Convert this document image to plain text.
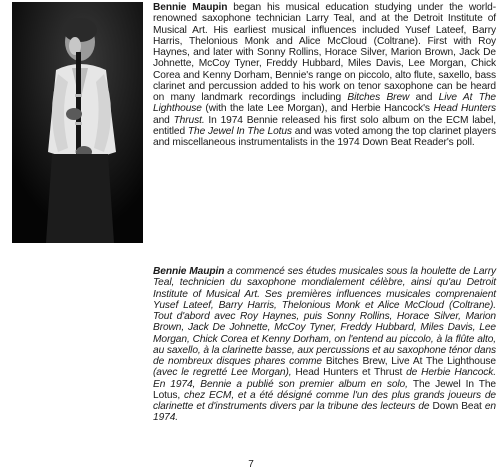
Bennie Maupin began his musical education studying under the world-renowned saxophone technician Larry Teal, and at the Detroit Institute of Musical Art. His earliest musical influences included Yusef Lateef, Barry Harris, Thelonious Monk and Alice McCloud (Coltrane). First with Roy Haynes, and later with Sonny Rollins, Horace Silver, Marion Brown, Jack De Johnette, McCoy Tyner, Freddy Hubbard, Miles Davis, Lee Morgan, Chick Corea and Kenny Dorham, Bennie's range on piccolo, alto flute, saxello, bass clarinet and percussion added to his work on tenor saxophone can be heard on many landmark recordings including Bitches Brew and Live At The Lighthouse (with the late Lee Morgan), and Herbie Hancock's Head Hunters and Thrust. In 1974 Bennie released his first solo album on the ECM label, entitled The Jewel In The Lotus and was voted among the top clarinet players and miscellaneous instrumentalists in the 1974 Down Beat Reader's poll.
Bennie Maupin a commencé ses études musicales sous la houlette de Larry Teal, technicien du saxophone mondialement célèbre, ainsi qu'au Detroit Institute of Musical Art. Ses premières influences musicales comprenaient Yusef Lateef, Barry Harris, Thelonious Monk et Alice McCloud (Coltrane). Tout d'abord avec Roy Haynes, puis Sonny Rollins, Horace Silver, Marion Brown, Jack De Johnette, McCoy Tyner, Freddy Hubbard, Miles Davis, Lee Morgan, Chick Corea et Kenny Dorham, on l'entend au piccolo, à la flûte alto, au saxello, à la clarinette basse, aux percussions et au saxophone ténor dans de nombreux disques phares comme Bitches Brew, Live At The Lighthouse (avec le regretté Lee Morgan), Head Hunters et Thrust de Herbie Hancock. En 1974, Bennie a publié son premier album en solo, The Jewel In The Lotus, chez ECM, et a été désigné comme l'un des plus grands joueurs de clarinette et d'instruments divers par la tribune des lecteurs de Down Beat en 1974.
7
